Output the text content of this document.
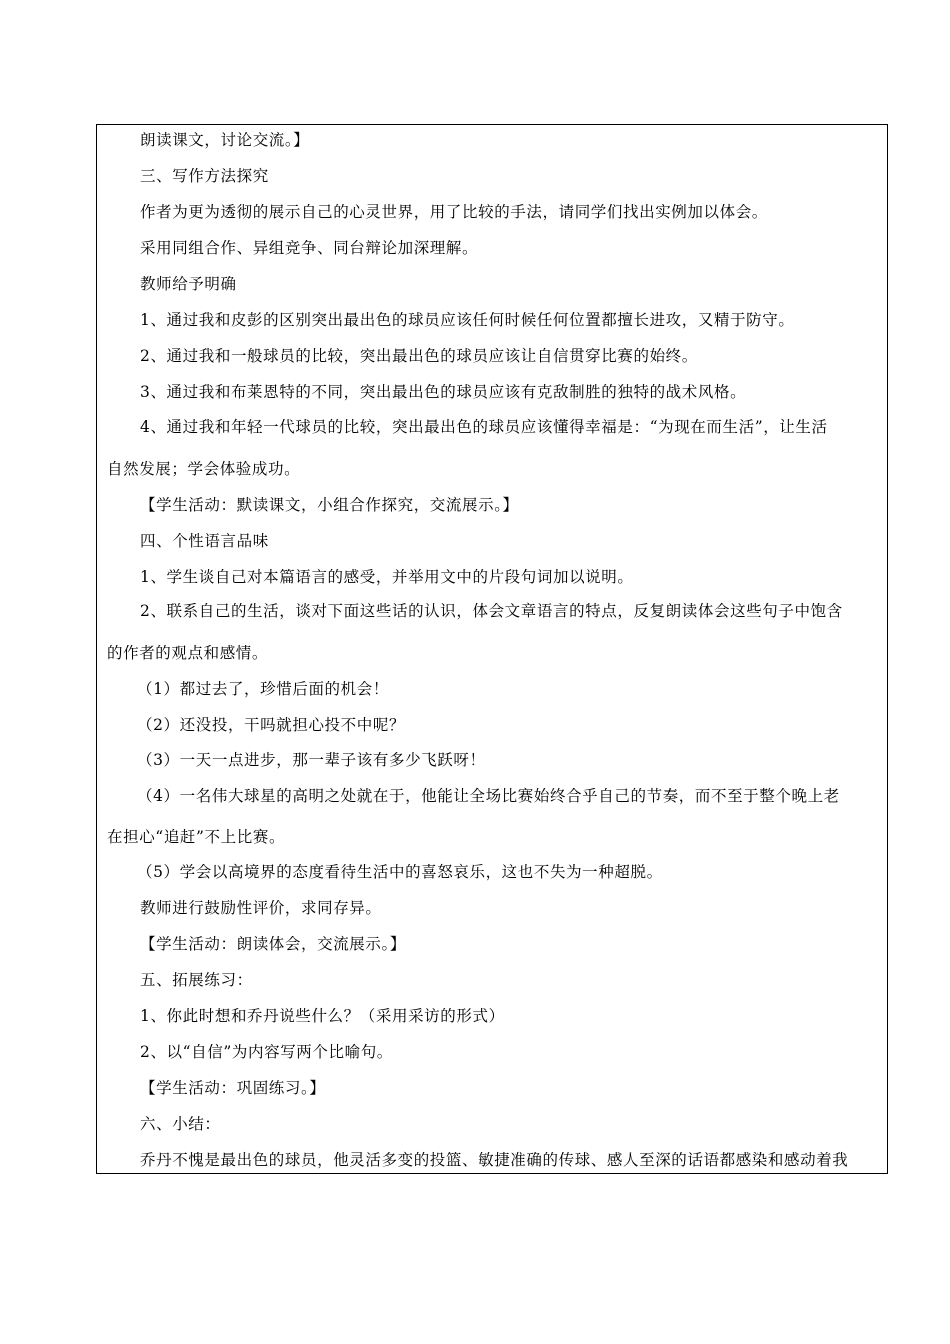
朗读课文，讨论交流。】
三、写作方法探究
作者为更为透彻的展示自己的心灵世界，用了比较的手法，请同学们找出实例加以体会。
采用同组合作、异组竞争、同台辩论加深理解。
教师给予明确
1、通过我和皮彭的区别突出最出色的球员应该任何时候任何位置都擅长进攻，又精于防守。
2、通过我和一般球员的比较，突出最出色的球员应该让自信贯穿比赛的始终。
3、通过我和布莱恩特的不同，突出最出色的球员应该有克敌制胜的独特的战术风格。
4、通过我和年轻一代球员的比较，突出最出色的球员应该懂得幸福是：“为现在而生活”，让生活
自然发展；学会体验成功。
【学生活动：默读课文，小组合作探究，交流展示。】
四、个性语言品味
1、学生谈自己对本篇语言的感受，并举用文中的片段句词加以说明。
2、联系自己的生活，谈对下面这些话的认识，体会文章语言的特点，反复朗读体会这些句子中饱含
的作者的观点和感情。
（1）都过去了，珍惜后面的机会！
（2）还没投，干吗就担心投不中呢？
（3）一天一点进步，那一辈子该有多少飞跃呀！
（4）一名伟大球星的高明之处就在于，他能让全场比赛始终合乎自己的节奏，而不至于整个晚上老
在担心“追赶”不上比赛。
（5）学会以高境界的态度看待生活中的喜怒哀乐，这也不失为一种超脱。
教师进行鼓励性评价，求同存异。
【学生活动：朗读体会，交流展示。】
五、拓展练习：
1、你此时想和乔丹说些什么？（采用采访的形式）
2、以“自信”为内容写两个比喻句。
【学生活动：巩固练习。】
六、小结：
乔丹不愧是最出色的球员，他灵活多变的投篮、敏捷准确的传球、感人至深的话语都感染和感动着我
